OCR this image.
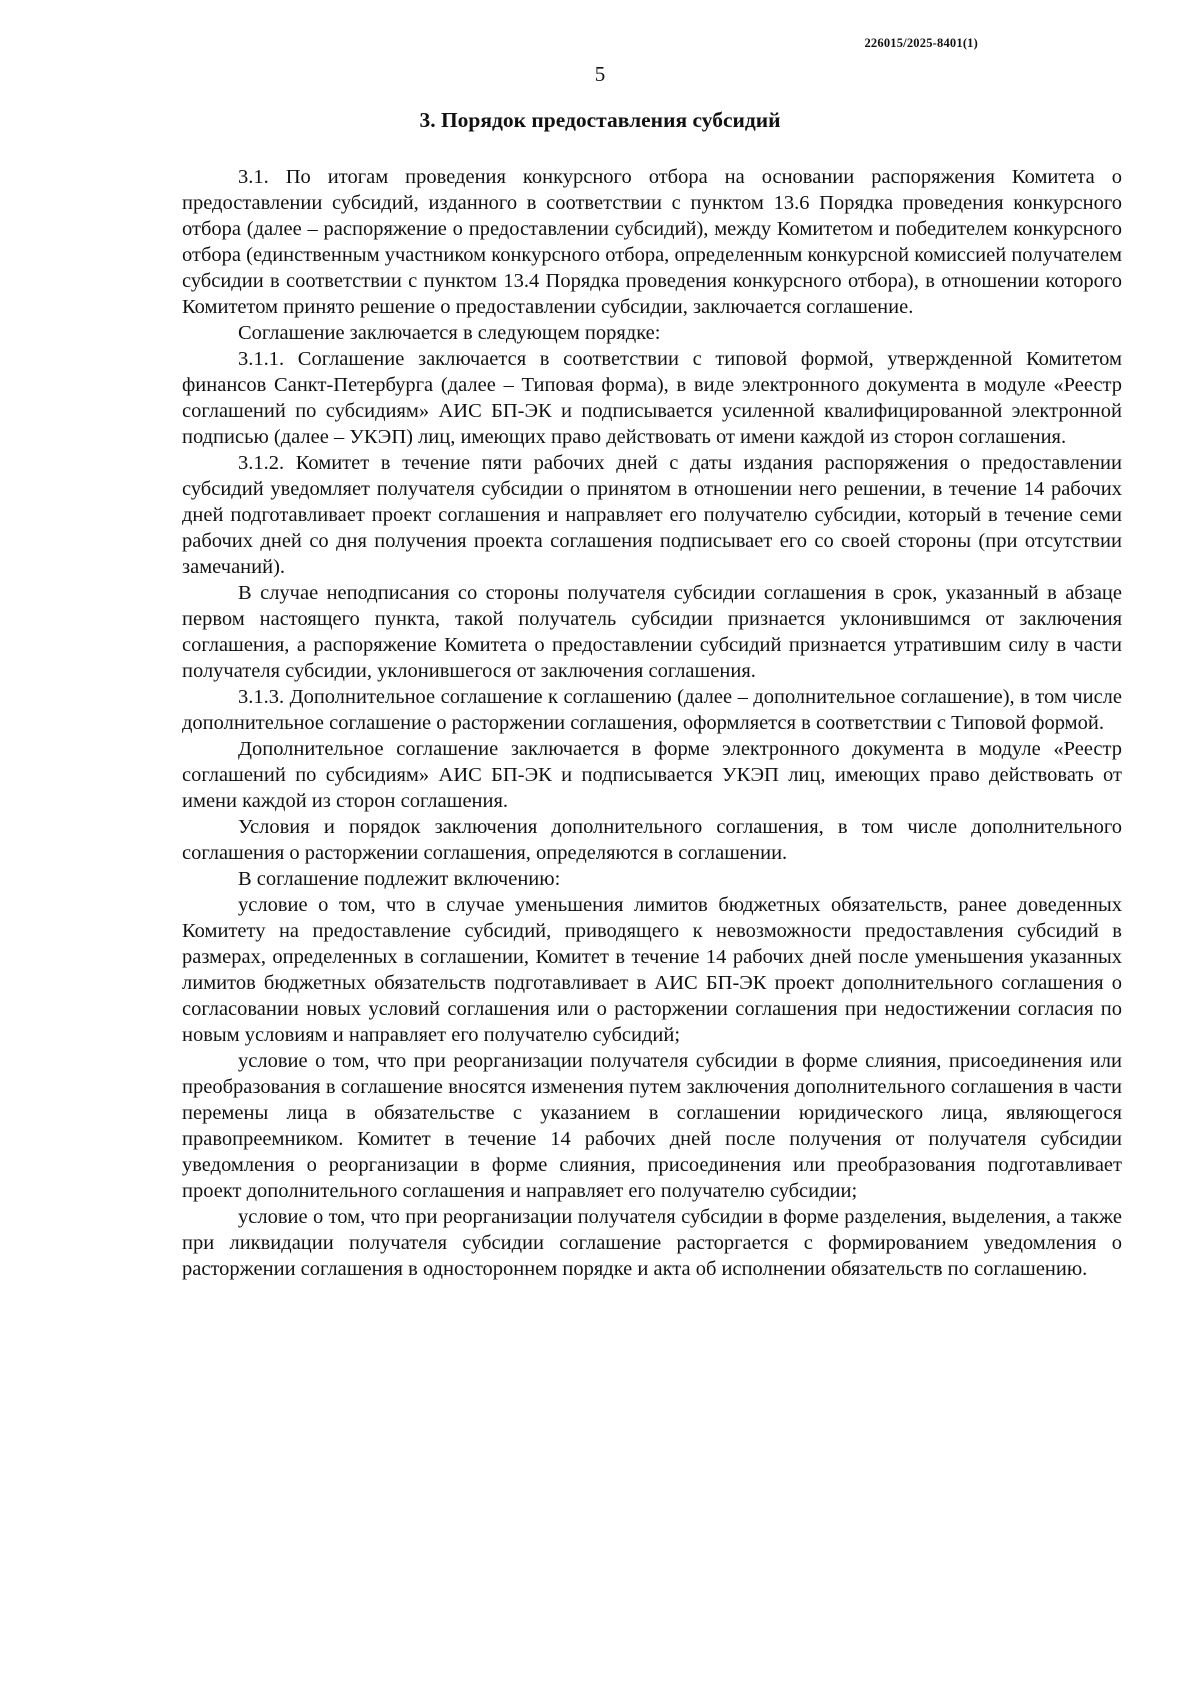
226015/2025-8401(1)
5
3. Порядок предоставления субсидий

3.1. По итогам проведения конкурсного отбора на основании распоряжения Комитета о предоставлении субсидий, изданного в соответствии с пунктом 13.6 Порядка проведения конкурсного отбора (далее – распоряжение о предоставлении субсидий), между Комитетом и победителем конкурсного отбора (единственным участником конкурсного отбора, определенным конкурсной комиссией получателем субсидии в соответствии с пунктом 13.4 Порядка проведения конкурсного отбора), в отношении которого Комитетом принято решение о предоставлении субсидии, заключается соглашение.

Соглашение заключается в следующем порядке:

3.1.1. Соглашение заключается в соответствии с типовой формой, утвержденной Комитетом финансов Санкт-Петербурга (далее – Типовая форма), в виде электронного документа в модуле «Реестр соглашений по субсидиям» АИС БП-ЭК и подписывается усиленной квалифицированной электронной подписью (далее – УКЭП) лиц, имеющих право действовать от имени каждой из сторон соглашения.

3.1.2. Комитет в течение пяти рабочих дней с даты издания распоряжения о предоставлении субсидий уведомляет получателя субсидии о принятом в отношении него решении, в течение 14 рабочих дней подготавливает проект соглашения и направляет его получателю субсидии, который в течение семи рабочих дней со дня получения проекта соглашения подписывает его со своей стороны (при отсутствии замечаний).

В случае неподписания со стороны получателя субсидии соглашения в срок, указанный в абзаце первом настоящего пункта, такой получатель субсидии признается уклонившимся от заключения соглашения, а распоряжение Комитета о предоставлении субсидий признается утратившим силу в части получателя субсидии, уклонившегося от заключения соглашения.

3.1.3. Дополнительное соглашение к соглашению (далее – дополнительное соглашение), в том числе дополнительное соглашение о расторжении соглашения, оформляется в соответствии с Типовой формой.

Дополнительное соглашение заключается в форме электронного документа в модуле «Реестр соглашений по субсидиям» АИС БП-ЭК и подписывается УКЭП лиц, имеющих право действовать от имени каждой из сторон соглашения.

Условия и порядок заключения дополнительного соглашения, в том числе дополнительного соглашения о расторжении соглашения, определяются в соглашении.

В соглашение подлежит включению:

условие о том, что в случае уменьшения лимитов бюджетных обязательств, ранее доведенных Комитету на предоставление субсидий, приводящего к невозможности предоставления субсидий в размерах, определенных в соглашении, Комитет в течение 14 рабочих дней после уменьшения указанных лимитов бюджетных обязательств подготавливает в АИС БП-ЭК проект дополнительного соглашения о согласовании новых условий соглашения или о расторжении соглашения при недостижении согласия по новым условиям и направляет его получателю субсидий;

условие о том, что при реорганизации получателя субсидии в форме слияния, присоединения или преобразования в соглашение вносятся изменения путем заключения дополнительного соглашения в части перемены лица в обязательстве с указанием в соглашении юридического лица, являющегося правопреемником. Комитет в течение 14 рабочих дней после получения от получателя субсидии уведомления о реорганизации в форме слияния, присоединения или преобразования подготавливает проект дополнительного соглашения и направляет его получателю субсидии;

условие о том, что при реорганизации получателя субсидии в форме разделения, выделения, а также при ликвидации получателя субсидии соглашение расторгается с формированием уведомления о расторжении соглашения в одностороннем порядке и акта об исполнении обязательств по соглашению.
